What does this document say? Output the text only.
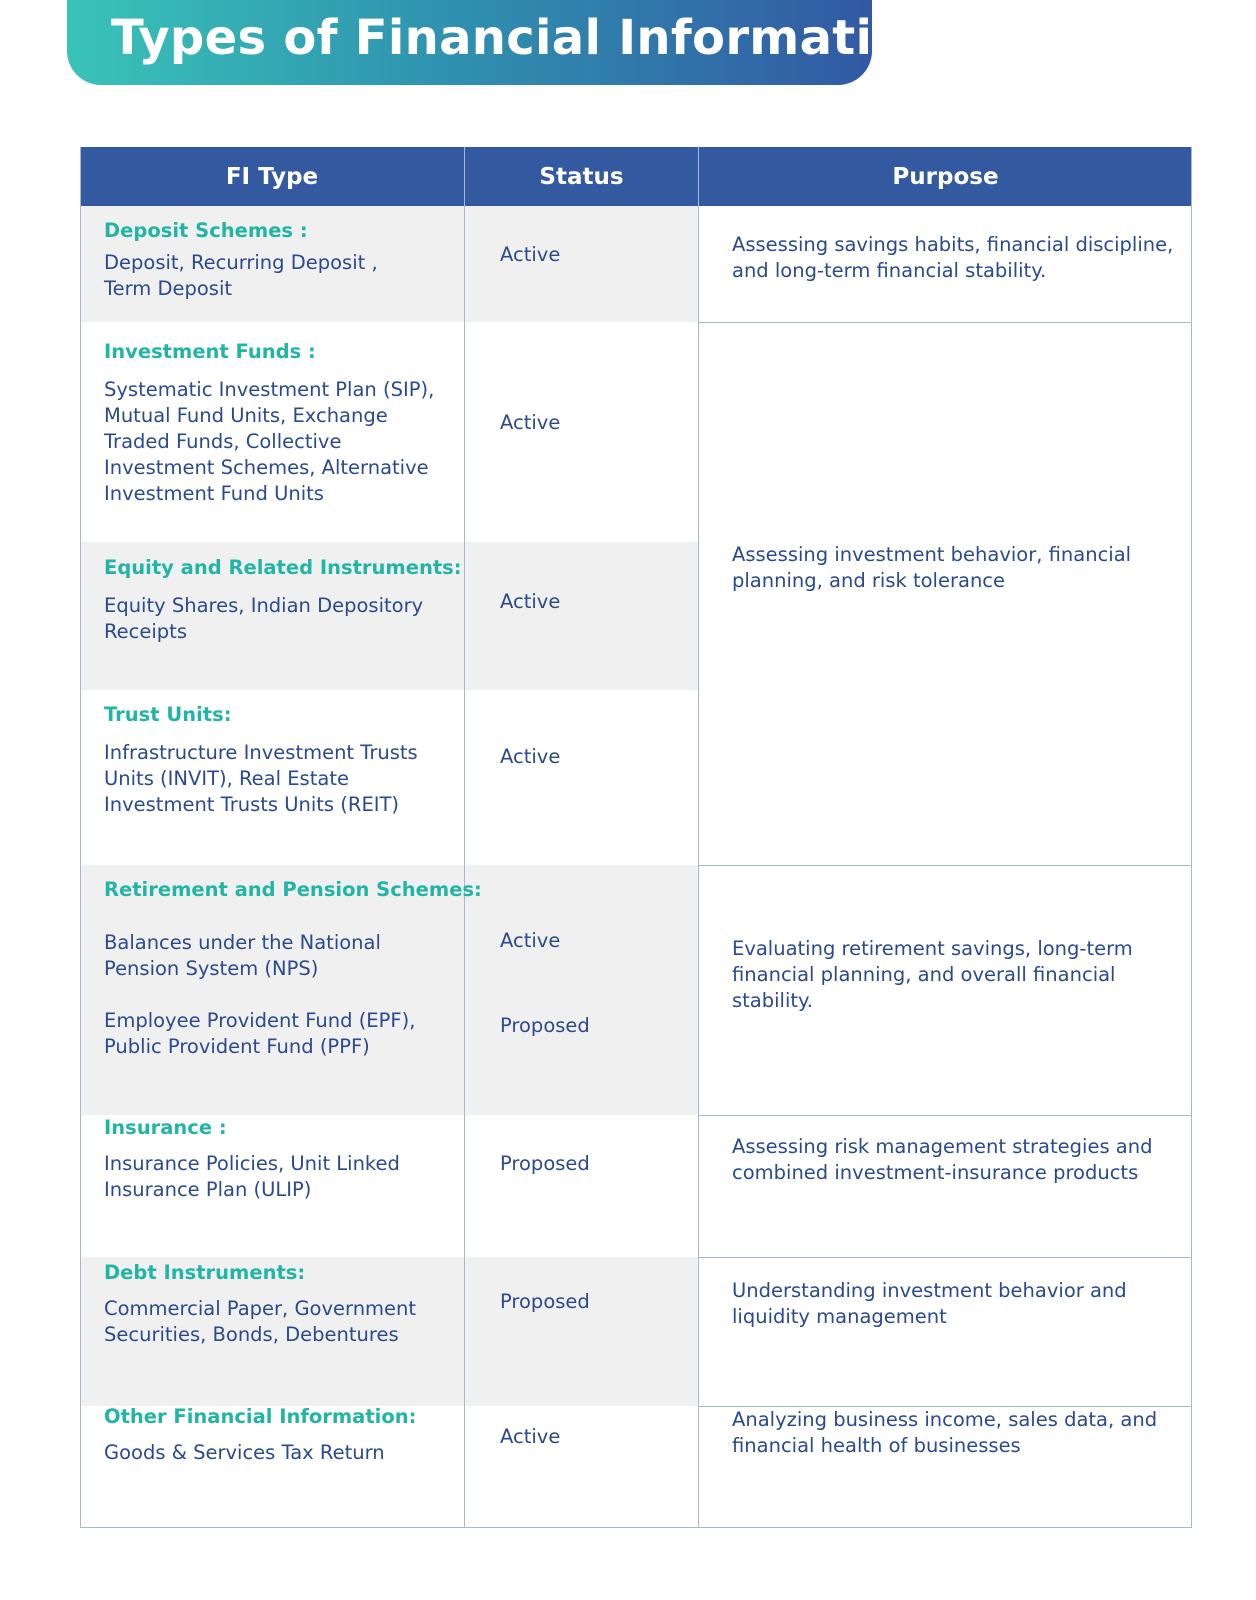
Types of Financial Information
FI Type	Status	Purpose
Deposit Schemes :
Deposit, Recurring Deposit ,
Term Deposit
Active
Investment Funds :
Systematic Investment Plan (SIP),
Mutual Fund Units, Exchange
Traded Funds, Collective
Investment Schemes, Alternative
Investment Fund Units
Active
Equity and Related Instruments:
Equity Shares, Indian Depository
Receipts
Active
Trust Units:
Infrastructure Investment Trusts
Units (INVIT), Real Estate
Investment Trusts Units (REIT)
Active
Retirement and Pension Schemes:
Balances under the National
Pension System (NPS)
Employee Provident Fund (EPF),
Public Provident Fund (PPF)
Active
Proposed
Insurance :
Insurance Policies, Unit Linked
Insurance Plan (ULIP)
Proposed
Debt Instruments:
Commercial Paper, Government
Securities, Bonds, Debentures
Proposed
Other Financial Information:
Goods & Services Tax Return
Active
Assessing savings habits, financial discipline,
and long-term financial stability.
Assessing investment behavior, financial
planning, and risk tolerance
Evaluating retirement savings, long-term
financial planning, and overall financial
stability.
Assessing risk management strategies and
combined investment-insurance products
Understanding investment behavior and
liquidity management
Analyzing business income, sales data, and
financial health of businesses
